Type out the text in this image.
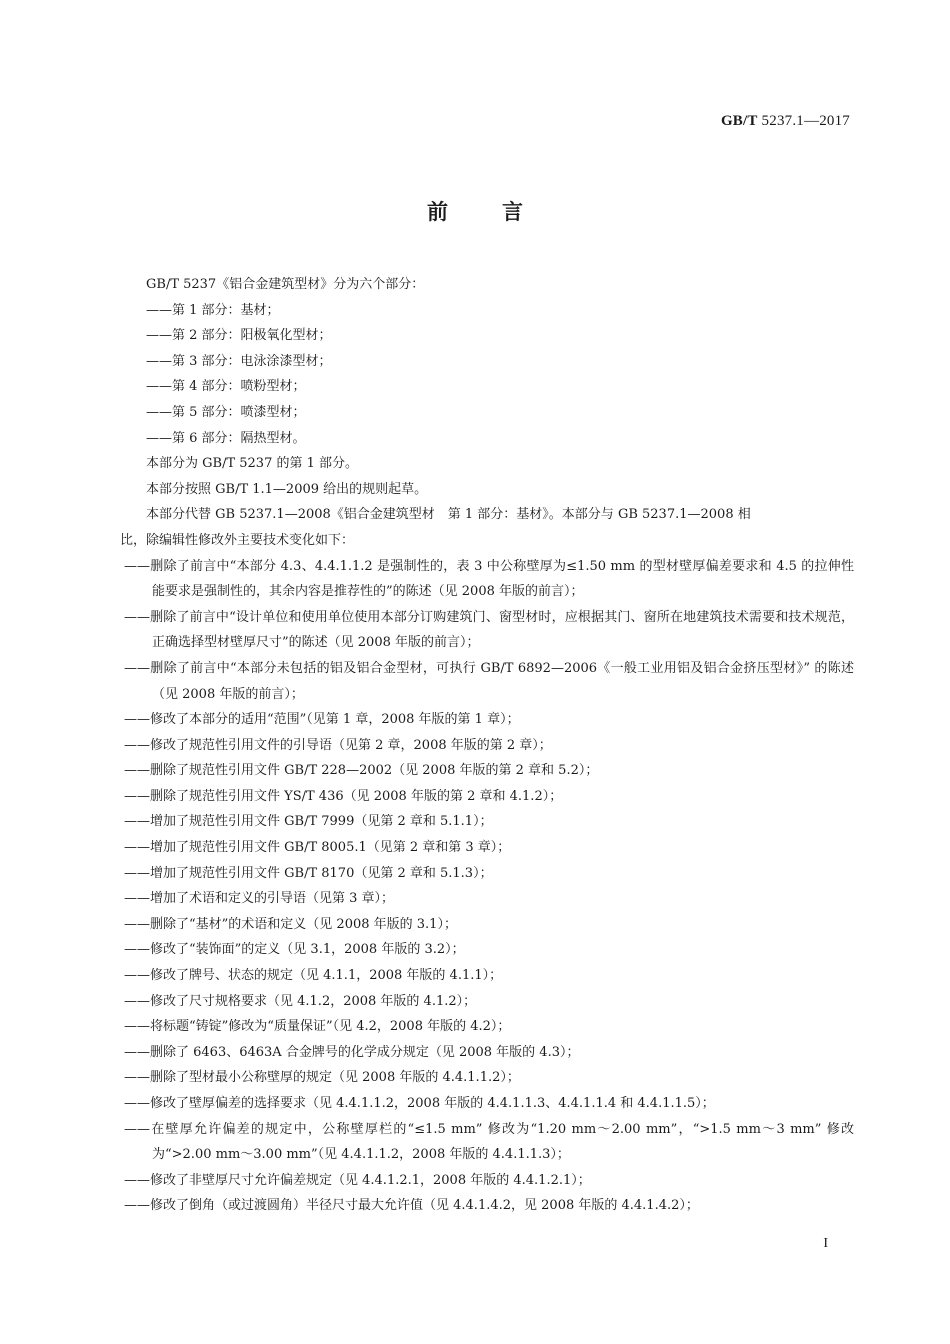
GB/T 5237.1—2017
前言

GB/T 5237《铝合金建筑型材》分为六个部分：

——第 1 部分：基材；

——第 2 部分：阳极氧化型材；

——第 3 部分：电泳涂漆型材；

——第 4 部分：喷粉型材；

——第 5 部分：喷漆型材；

——第 6 部分：隔热型材。

本部分为 GB/T 5237 的第 1 部分。

本部分按照 GB/T 1.1—2009 给出的规则起草。

本部分代替 GB 5237.1—2008《铝合金建筑型材　第 1 部分：基材》。本部分与 GB 5237.1—2008 相

比，除编辑性修改外主要技术变化如下：

——删除了前言中“本部分 4.3、4.4.1.1.2 是强制性的，表 3 中公称壁厚为≤1.50 mm 的型材壁厚偏差要求和 4.5 的拉伸性能要求是强制性的，其余内容是推荐性的”的陈述（见 2008 年版的前言）；

——删除了前言中“设计单位和使用单位使用本部分订购建筑门、窗型材时，应根据其门、窗所在地建筑技术需要和技术规范，正确选择型材壁厚尺寸”的陈述（见 2008 年版的前言）；

——删除了前言中“本部分未包括的铝及铝合金型材，可执行 GB/T 6892—2006《一般工业用铝及铝合金挤压型材》” 的陈述（见 2008 年版的前言）；

——修改了本部分的适用“范围”（见第 1 章，2008 年版的第 1 章）；

——修改了规范性引用文件的引导语（见第 2 章，2008 年版的第 2 章）；

——删除了规范性引用文件 GB/T 228—2002（见 2008 年版的第 2 章和 5.2）；

——删除了规范性引用文件 YS/T 436（见 2008 年版的第 2 章和 4.1.2）；

——增加了规范性引用文件 GB/T 7999（见第 2 章和 5.1.1）；

——增加了规范性引用文件 GB/T 8005.1（见第 2 章和第 3 章）；

——增加了规范性引用文件 GB/T 8170（见第 2 章和 5.1.3）；

——增加了术语和定义的引导语（见第 3 章）；

——删除了“基材”的术语和定义（见 2008 年版的 3.1）；

——修改了“装饰面”的定义（见 3.1，2008 年版的 3.2）；

——修改了牌号、状态的规定（见 4.1.1，2008 年版的 4.1.1）；

——修改了尺寸规格要求（见 4.1.2，2008 年版的 4.1.2）；

——将标题“铸锭”修改为“质量保证”（见 4.2，2008 年版的 4.2）；

——删除了 6463、6463A 合金牌号的化学成分规定（见 2008 年版的 4.3）；

——删除了型材最小公称壁厚的规定（见 2008 年版的 4.4.1.1.2）；

——修改了壁厚偏差的选择要求（见 4.4.1.1.2，2008 年版的 4.4.1.1.3、4.4.1.1.4 和 4.4.1.1.5）；

——在壁厚允许偏差的规定中，公称壁厚栏的“≤1.5 mm” 修改为“1.20 mm～2.00 mm”，“>1.5 mm～3 mm” 修改为“>2.00 mm～3.00 mm”（见 4.4.1.1.2，2008 年版的 4.4.1.1.3）；

——修改了非壁厚尺寸允许偏差规定（见 4.4.1.2.1，2008 年版的 4.4.1.2.1）；

——修改了倒角（或过渡圆角）半径尺寸最大允许值（见 4.4.1.4.2，见 2008 年版的 4.4.1.4.2）；

I
